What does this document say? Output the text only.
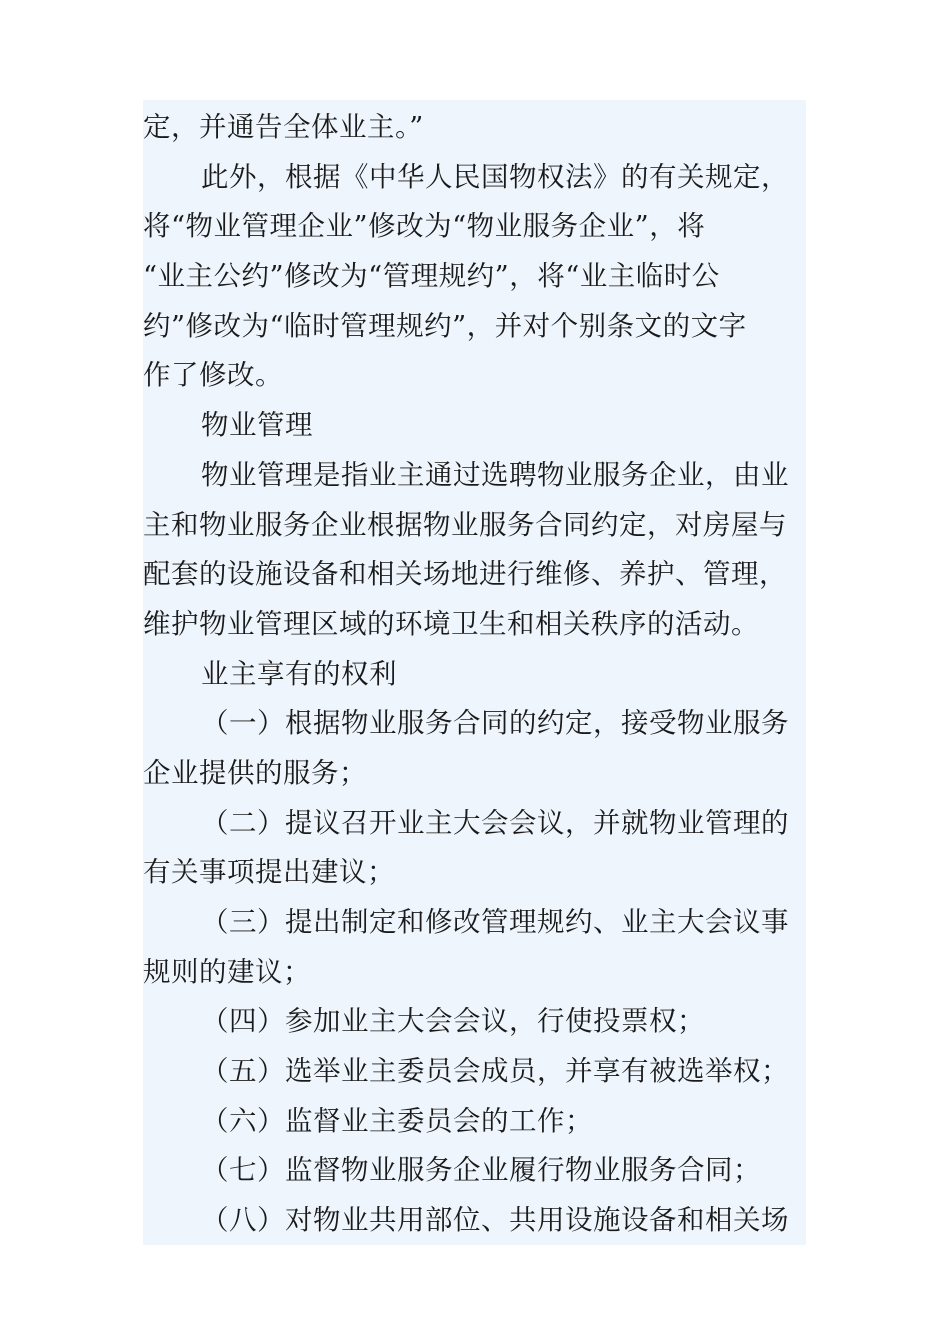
定，并通告全体业主。”
此外，根据《中华人民国物权法》的有关规定，
将“物业管理企业”修改为“物业服务企业”，将
“业主公约”修改为“管理规约”，将“业主临时公
约”修改为“临时管理规约”，并对个别条文的文字
作了修改。
物业管理
物业管理是指业主通过选聘物业服务企业，由业
主和物业服务企业根据物业服务合同约定，对房屋与
配套的设施设备和相关场地进行维修、养护、管理，
维护物业管理区域的环境卫生和相关秩序的活动。
业主享有的权利
（一）根据物业服务合同的约定，接受物业服务
企业提供的服务；
（二）提议召开业主大会会议，并就物业管理的
有关事项提出建议；
（三）提出制定和修改管理规约、业主大会议事
规则的建议；
（四）参加业主大会会议，行使投票权；
（五）选举业主委员会成员，并享有被选举权；
（六）监督业主委员会的工作；
（七）监督物业服务企业履行物业服务合同；
（八）对物业共用部位、共用设施设备和相关场
